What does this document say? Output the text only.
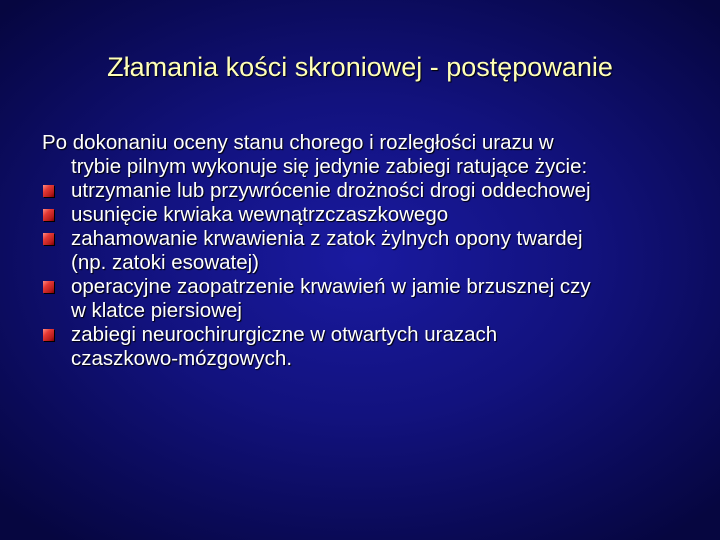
Złamania kości skroniowej - postępowanie

Po dokonaniu oceny stanu chorego i rozległości urazu w
trybie pilnym wykonuje się jedynie zabiegi ratujące życie:

utrzymanie lub przywrócenie drożności drogi oddechowej
usunięcie krwiaka wewnątrzczaszkowego
zahamowanie krwawienia z zatok żylnych opony twardej
(np. zatoki esowatej)
operacyjne zaopatrzenie krwawień w jamie brzusznej czy
w klatce piersiowej
zabiegi neurochirurgiczne w otwartych urazach
czaszkowo-mózgowych.
